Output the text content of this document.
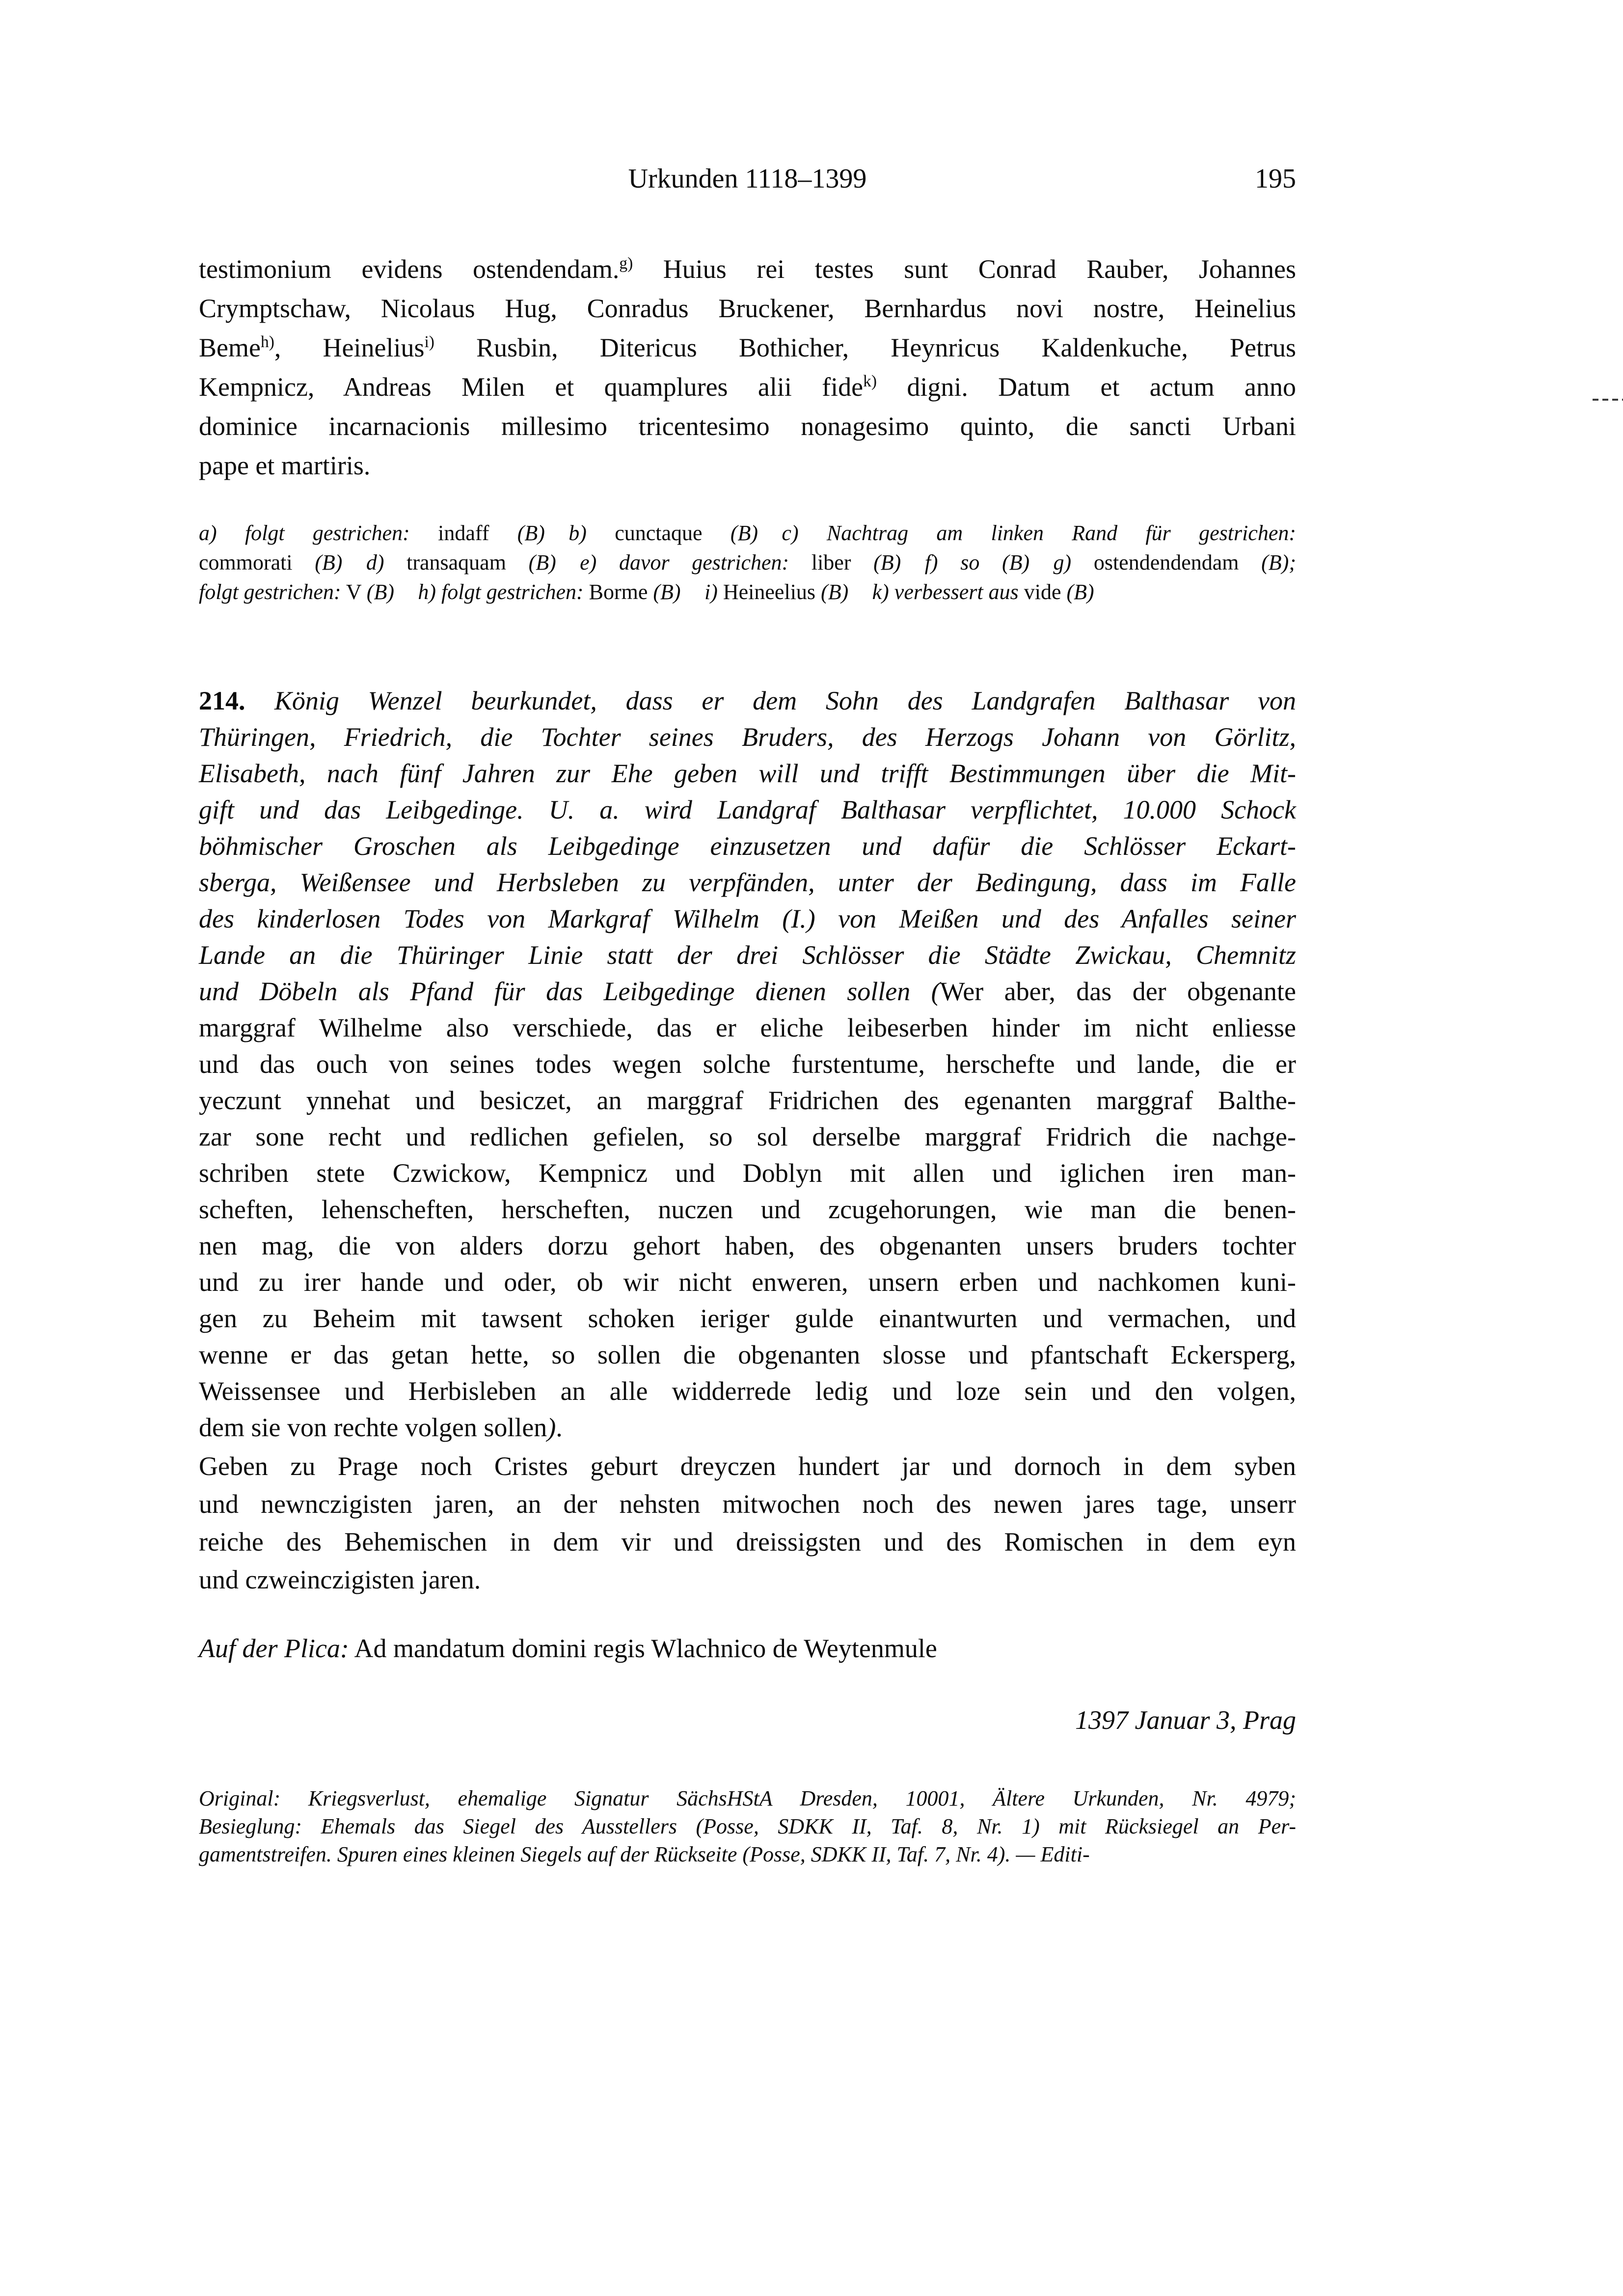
Urkunden 1118–1399	195
testimonium evidens ostendendam.$^{g)}$ Huius rei testes sunt Conrad Rauber, Johannes
Crymptschaw, Nicolaus Hug, Conradus Bruckener, Bernhardus novi nostre, Heinelius
Beme$^{h)}$, Heinelius$^{i)}$ Rusbin, Ditericus Bothicher, Heynricus Kaldenkuche, Petrus
Kempnicz, Andreas Milen et quamplures alii fide$^{k)}$ digni. Datum et actum anno
dominice incarnacionis millesimo tricentesimo nonagesimo quinto, die sancti Urbani
pape et martiris.
a) folgt gestrichen: indaff (B) b) cunctaque (B) c) Nachtrag am linken Rand für gestrichen:
commorati (B) d) transaquam (B) e) davor gestrichen: liber (B) f) so (B) g) ostendendendam (B);
folgt gestrichen: V (B) h) folgt gestrichen: Borme (B) i) Heineelius (B) k) verbessert aus vide (B)
214. König Wenzel beurkundet, dass er dem Sohn des Landgrafen Balthasar von
Thüringen, Friedrich, die Tochter seines Bruders, des Herzogs Johann von Görlitz,
Elisabeth, nach fünf Jahren zur Ehe geben will und trifft Bestimmungen über die Mit-
gift und das Leibgedinge. U. a. wird Landgraf Balthasar verpflichtet, 10.000 Schock
böhmischer Groschen als Leibgedinge einzusetzen und dafür die Schlösser Eckart-
sberga, Weißensee und Herbsleben zu verpfänden, unter der Bedingung, dass im Falle
des kinderlosen Todes von Markgraf Wilhelm (I.) von Meißen und des Anfalles seiner
Lande an die Thüringer Linie statt der drei Schlösser die Städte Zwickau, Chemnitz
und Döbeln als Pfand für das Leibgedinge dienen sollen (Wer aber, das der obgenante
marggraf Wilhelme also verschiede, das er eliche leibeserben hinder im nicht enliesse
und das ouch von seines todes wegen solche furstentume, herschefte und lande, die er
yeczunt ynnehat und besiczet, an marggraf Fridrichen des egenanten marggraf Balthe-
zar sone recht und redlichen gefielen, so sol derselbe marggraf Fridrich die nachge-
schriben stete Czwickow, Kempnicz und Doblyn mit allen und iglichen iren man-
scheften, lehenscheften, herscheften, nuczen und zcugehorungen, wie man die benen-
nen mag, die von alders dorzu gehort haben, des obgenanten unsers bruders tochter
und zu irer hande und oder, ob wir nicht enweren, unsern erben und nachkomen kuni-
gen zu Beheim mit tawsent schoken ieriger gulde einantwurten und vermachen, und
wenne er das getan hette, so sollen die obgenanten slosse und pfantschaft Eckersperg,
Weissensee und Herbisleben an alle widderrede ledig und loze sein und den volgen,
dem sie von rechte volgen sollen).
Geben zu Prage noch Cristes geburt dreyczen hundert jar und dornoch in dem syben
und newnczigisten jaren, an der nehsten mitwochen noch des newen jares tage, unserr
reiche des Behemischen in dem vir und dreissigsten und des Romischen in dem eyn
und czweinczigisten jaren.
Auf der Plica: Ad mandatum domini regis Wlachnico de Weytenmule
1397 Januar 3, Prag
Original: Kriegsverlust, ehemalige Signatur SächsHStA Dresden, 10001, Ältere Urkunden, Nr. 4979;
Besieglung: Ehemals das Siegel des Ausstellers (Posse, SDKK II, Taf. 8, Nr. 1) mit Rücksiegel an Per-
gamentstreifen. Spuren eines kleinen Siegels auf der Rückseite (Posse, SDKK II, Taf. 7, Nr. 4). — Editi-
